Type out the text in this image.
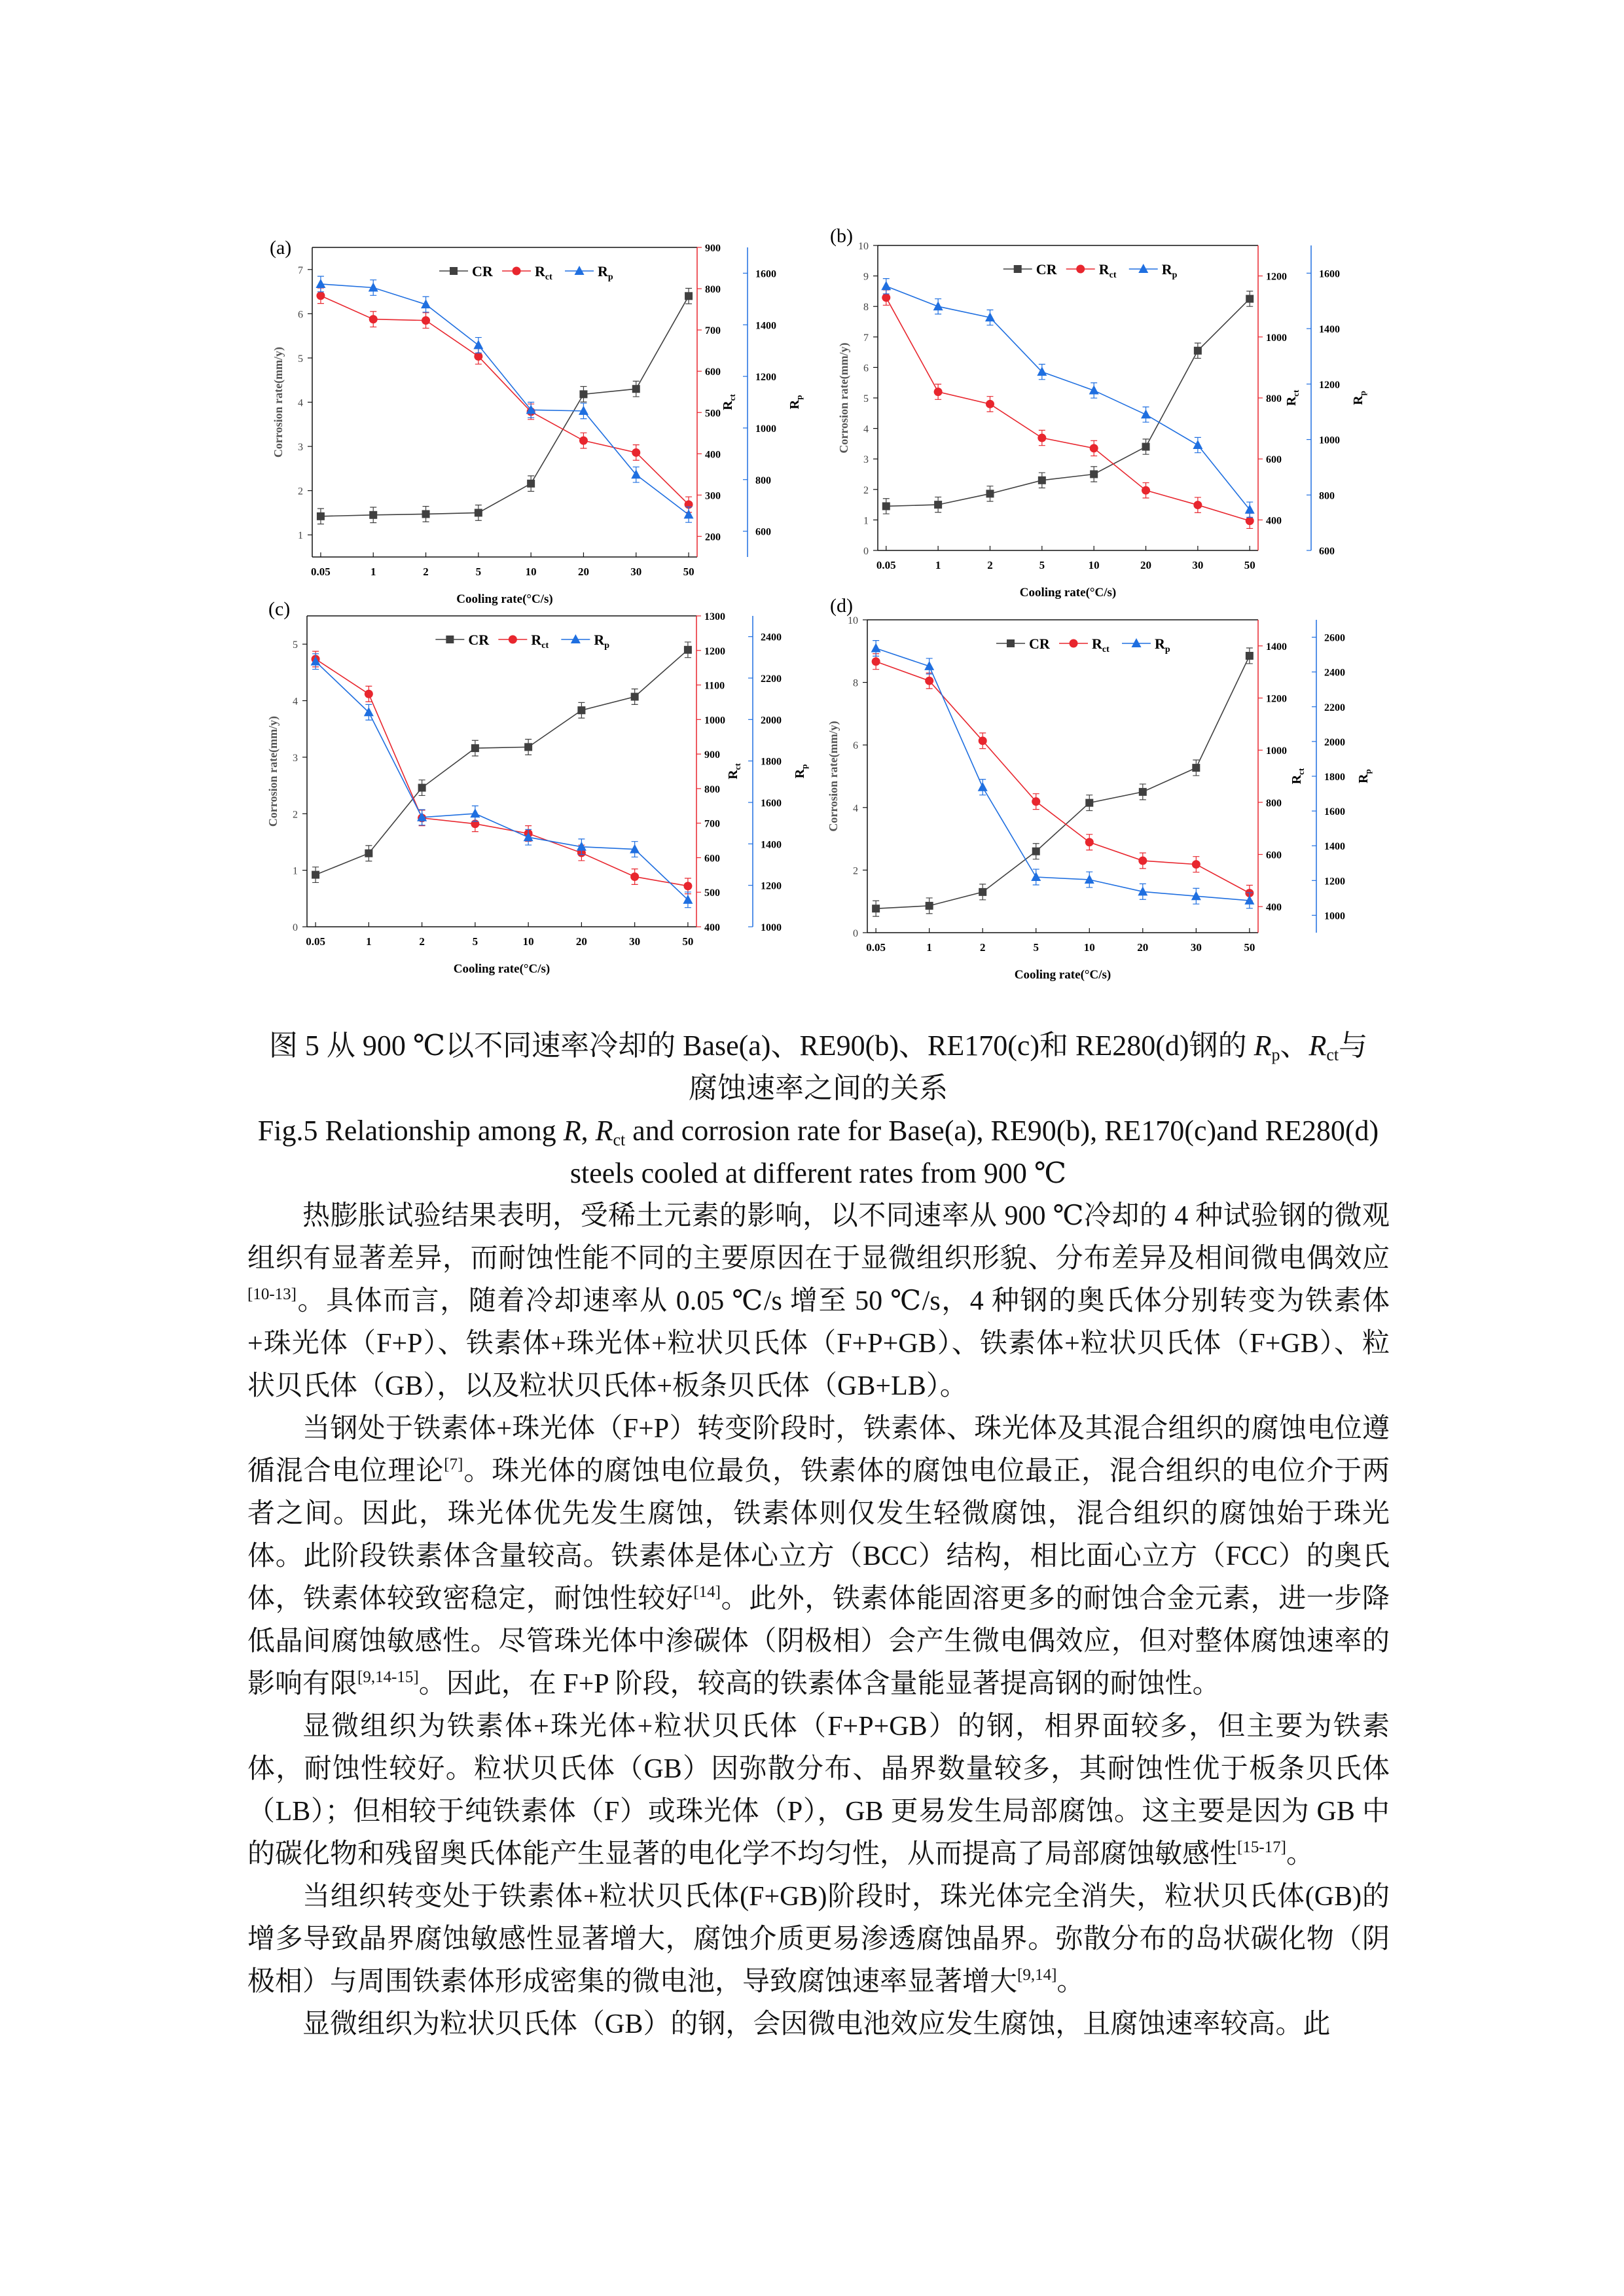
(a)
0.05	1	2	5	10	20	30	50
Cooling rate(°C/s)
1
2
3
4
5
6
7
Corrosion rate(mm/y)
200
300
400
500
600
700
800
900
600
800
1000
1200
1400
1600
$R_{ct}$
$R_p$
CR	$R_{ct}$	$R_p$
(b)
0.05	1	2	5	10	20	30	50
Cooling rate(°C/s)
0
1
2
3
4
5
6
7
8
9
10
Corrosion rate(mm/y)
400
600
800
1000
1200
600
800
1000
1200
1400
1600
$R_{ct}$
$R_p$
CR	$R_{ct}$	$R_p$
(c)
0.05	1	2	5	10	20	30	50
Cooling rate(°C/s)
0
1
2
3
4
5
Corrosion rate(mm/y)
400
500
600
700
800
900
1000
1100
1200
1300
1000
1200
1400
1600
1800
2000
2200
2400
$R_{ct}$
$R_p$
CR	$R_{ct}$	$R_p$
(d)
0.05	1	2	5	10	20	30	50
Cooling rate(°C/s)
0
2
4
6
8
10
Corrosion rate(mm/y)
400
600
800
1000
1200
1400
1000
1200
1400
1600
1800
2000
2200
2400
2600
$R_{ct}$
$R_p$
CR	$R_{ct}$	$R_p$
图 5 从 900 ℃以不同速率冷却的 Base(a)、RE90(b)、RE170(c)和 RE280(d)钢的 $R_p$、$R_{ct}$与
腐蚀速率之间的关系
Fig.5 Relationship among R, $R_{ct}$ and corrosion rate for Base(a), RE90(b), RE170(c)and RE280(d)
steels cooled at different rates from 900 ℃

热膨胀试验结果表明，受稀土元素的影响，以不同速率从 900 ℃冷却的 4 种试验钢的微观组织有显著差异，而耐蚀性能不同的主要原因在于显微组织形貌、分布差异及相间微电偶效应[10-13]。具体而言，随着冷却速率从 0.05 ℃/s 增至 50 ℃/s，4 种钢的奥氏体分别转变为铁素体+珠光体（F+P）、铁素体+珠光体+粒状贝氏体（F+P+GB）、铁素体+粒状贝氏体（F+GB）、粒状贝氏体（GB），以及粒状贝氏体+板条贝氏体（GB+LB）。

当钢处于铁素体+珠光体（F+P）转变阶段时，铁素体、珠光体及其混合组织的腐蚀电位遵循混合电位理论[7]。珠光体的腐蚀电位最负，铁素体的腐蚀电位最正，混合组织的电位介于两者之间。因此，珠光体优先发生腐蚀，铁素体则仅发生轻微腐蚀，混合组织的腐蚀始于珠光体。此阶段铁素体含量较高。铁素体是体心立方（BCC）结构，相比面心立方（FCC）的奥氏体，铁素体较致密稳定，耐蚀性较好[14]。此外，铁素体能固溶更多的耐蚀合金元素，进一步降低晶间腐蚀敏感性。尽管珠光体中渗碳体（阴极相）会产生微电偶效应，但对整体腐蚀速率的影响有限[9,14-15]。因此，在 F+P 阶段，较高的铁素体含量能显著提高钢的耐蚀性。

显微组织为铁素体+珠光体+粒状贝氏体（F+P+GB）的钢，相界面较多，但主要为铁素体，耐蚀性较好。粒状贝氏体（GB）因弥散分布、晶界数量较多，其耐蚀性优于板条贝氏体（LB）；但相较于纯铁素体（F）或珠光体（P），GB 更易发生局部腐蚀。这主要是因为 GB 中的碳化物和残留奥氏体能产生显著的电化学不均匀性，从而提高了局部腐蚀敏感性[15-17]。

当组织转变处于铁素体+粒状贝氏体(F+GB)阶段时，珠光体完全消失，粒状贝氏体(GB)的增多导致晶界腐蚀敏感性显著增大，腐蚀介质更易渗透腐蚀晶界。弥散分布的岛状碳化物（阴极相）与周围铁素体形成密集的微电池，导致腐蚀速率显著增大[9,14]。

显微组织为粒状贝氏体（GB）的钢，会因微电池效应发生腐蚀，且腐蚀速率较高。此
